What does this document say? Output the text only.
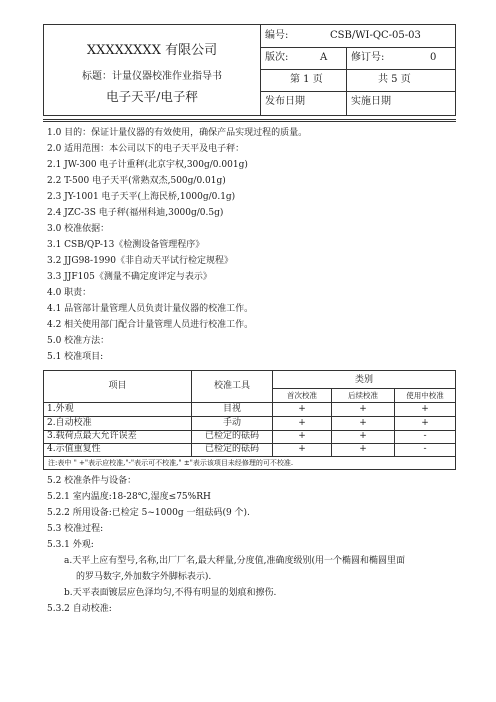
XXXXXXXX 有限公司
标题：计量仪器校准作业指导书
电子天平/电子秤
编号:	CSB/WI-QC-05-03
版次:	A 修订号:	0
第 1 页	共 5 页
发布日期	实施日期
1.0 目的：保证计量仪器的有效使用，确保产品实现过程的质量。
2.0 适用范围：本公司以下的电子天平及电子秤：
2.1 JW-300 电子计重秤(北京宇权,300g/0.001g)
2.2 T-500 电子天平(常熟双杰,500g/0.01g)
2.3 JY-1001 电子天平(上海民桥,1000g/0.1g)
2.4 JZC-3S 电子秤(福州科迪,3000g/0.5g)
3.0 校准依据：
3.1 CSB/QP-13《检测设备管理程序》
3.2 JJG98-1990《非自动天平试行检定规程》
3.3 JJF105《测量不确定度评定与表示》
4.0 职责：
4.1 品管部计量管理人员负责计量仪器的校准工作。
4.2 相关使用部门配合计量管理人员进行校准工作。
5.0 校准方法：
5.1 校准项目:
项目	校准工具
类别
首次校准	后续校准	使用中校准
1.外观	目视	+	+	+
2.自动校准	手动	+	+	+
3.载荷点最大允许误差	已检定的砝码	+	+	-
4.示值重复性	已检定的砝码	+	+	-
注:表中 " +"表示应校准,"-"表示可不校准," ±"表示该项目未经修理的可不校准.
5.2 校准条件与设备：
5.2.1 室内温度:18-28℃,湿度≤75%RH
5.2.2 所用设备:已检定 5~1000g 一组砝码(9 个).
5.3 校准过程:
5.3.1 外观:
a.天平上应有型号,名称,出厂厂名,最大秤量,分度值,准确度级别(用一个椭圆和椭圆里面
的罗马数字,外加数字外脚标表示).
b.天平表面镀层应色泽均匀,不得有明显的划痕和擦伤.
5.3.2 自动校准:
